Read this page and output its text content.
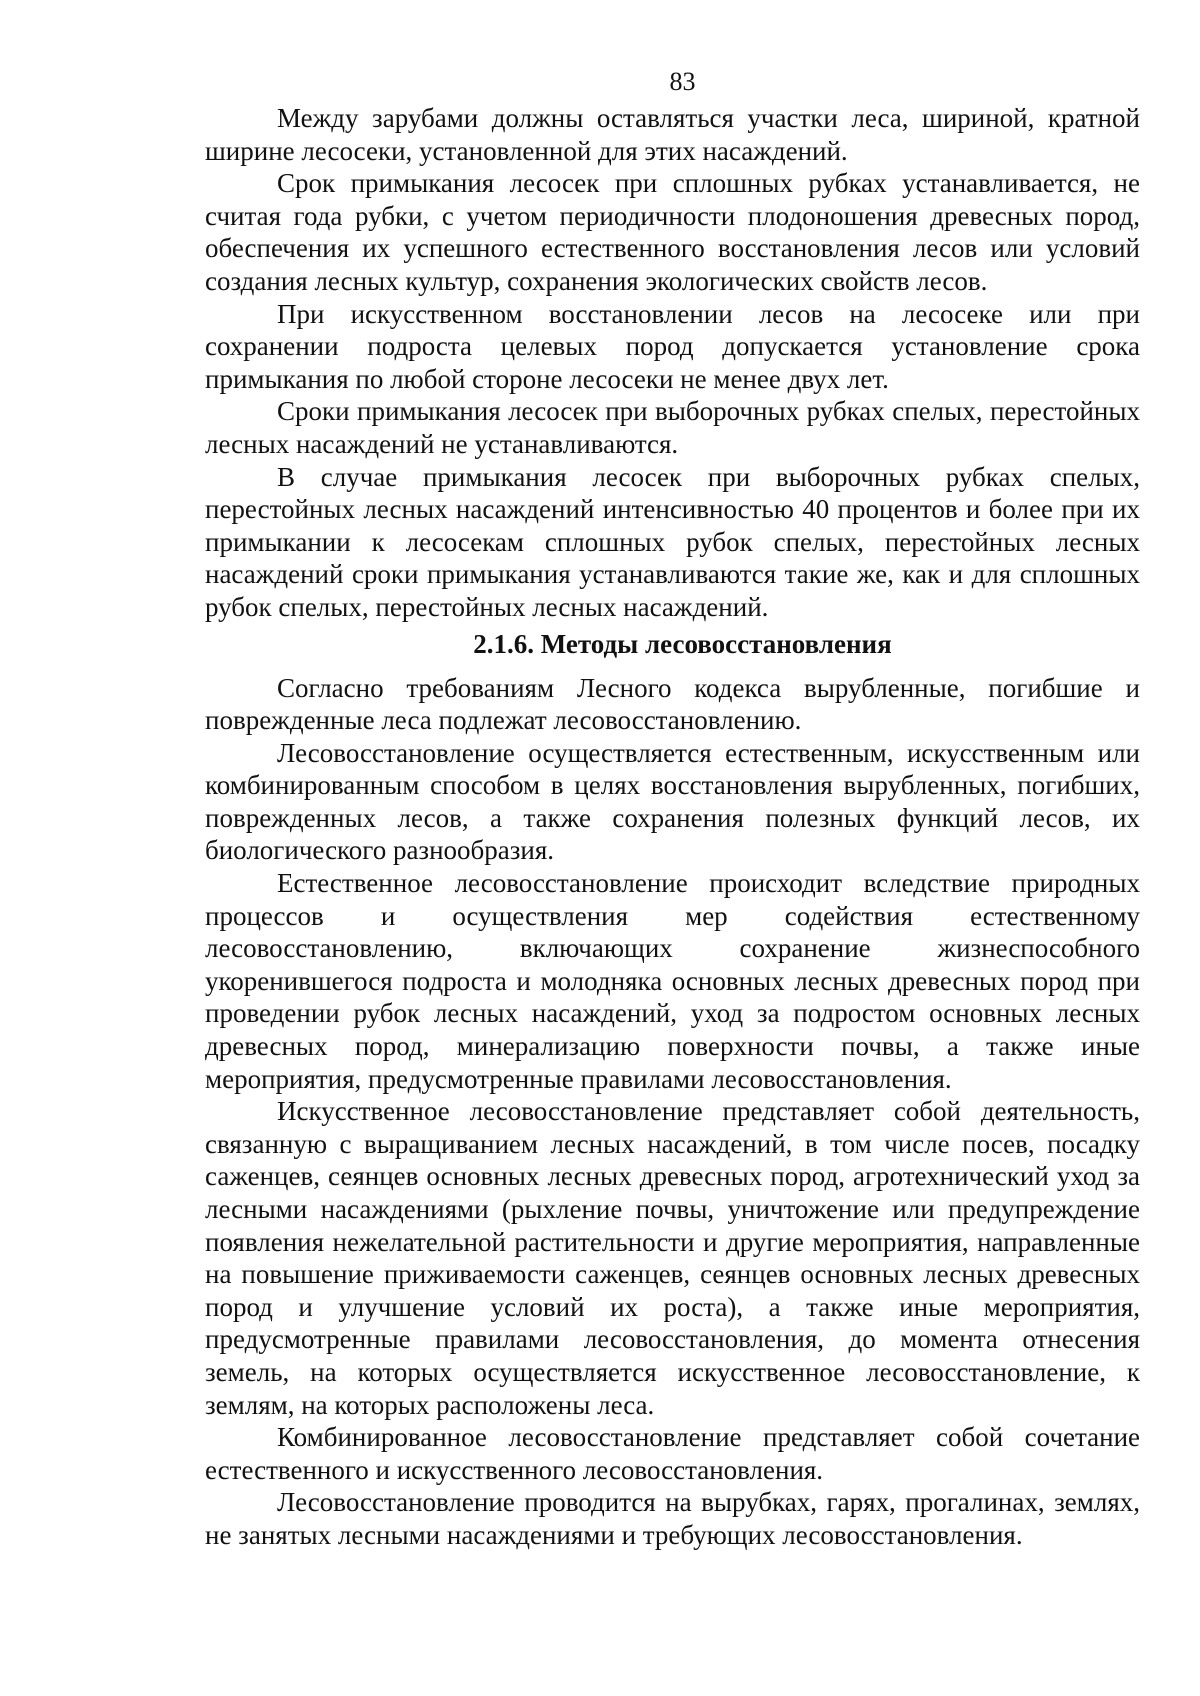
83

Между зарубами должны оставляться участки леса, шириной, кратной ширине лесосеки, установленной для этих насаждений.

Срок примыкания лесосек при сплошных рубках устанавливается, не считая года рубки, с учетом периодичности плодоношения древесных пород, обеспечения их успешного естественного восстановления лесов или условий создания лесных культур, сохранения экологических свойств лесов.

При искусственном восстановлении лесов на лесосеке или при сохранении подроста целевых пород допускается установление срока примыкания по любой стороне лесосеки не менее двух лет.

Сроки примыкания лесосек при выборочных рубках спелых, перестойных лесных насаждений не устанавливаются.

В случае примыкания лесосек при выборочных рубках спелых, перестойных лесных насаждений интенсивностью 40 процентов и более при их примыкании к лесосекам сплошных рубок спелых, перестойных лесных насаждений сроки примыкания устанавливаются такие же, как и для сплошных рубок спелых, перестойных лесных насаждений.

2.1.6. Методы лесовосстановления

Согласно требованиям Лесного кодекса вырубленные, погибшие и поврежденные леса подлежат лесовосстановлению.

Лесовосстановление осуществляется естественным, искусственным или комбинированным способом в целях восстановления вырубленных, погибших, поврежденных лесов, а также сохранения полезных функций лесов, их биологического разнообразия.

Естественное лесовосстановление происходит вследствие природных процессов и осуществления мер содействия естественному лесовосстановлению, включающих сохранение жизнеспособного укоренившегося подроста и молодняка основных лесных древесных пород при проведении рубок лесных насаждений, уход за подростом основных лесных древесных пород, минерализацию поверхности почвы, а также иные мероприятия, предусмотренные правилами лесовосстановления.

Искусственное лесовосстановление представляет собой деятельность, связанную с выращиванием лесных насаждений, в том числе посев, посадку саженцев, сеянцев основных лесных древесных пород, агротехнический уход за лесными насаждениями (рыхление почвы, уничтожение или предупреждение появления нежелательной растительности и другие мероприятия, направленные на повышение приживаемости саженцев, сеянцев основных лесных древесных пород и улучшение условий их роста), а также иные мероприятия, предусмотренные правилами лесовосстановления, до момента отнесения земель, на которых осуществляется искусственное лесовосстановление, к землям, на которых расположены леса.

Комбинированное лесовосстановление представляет собой сочетание естественного и искусственного лесовосстановления.

Лесовосстановление проводится на вырубках, гарях, прогалинах, землях, не занятых лесными насаждениями и требующих лесовосстановления.
